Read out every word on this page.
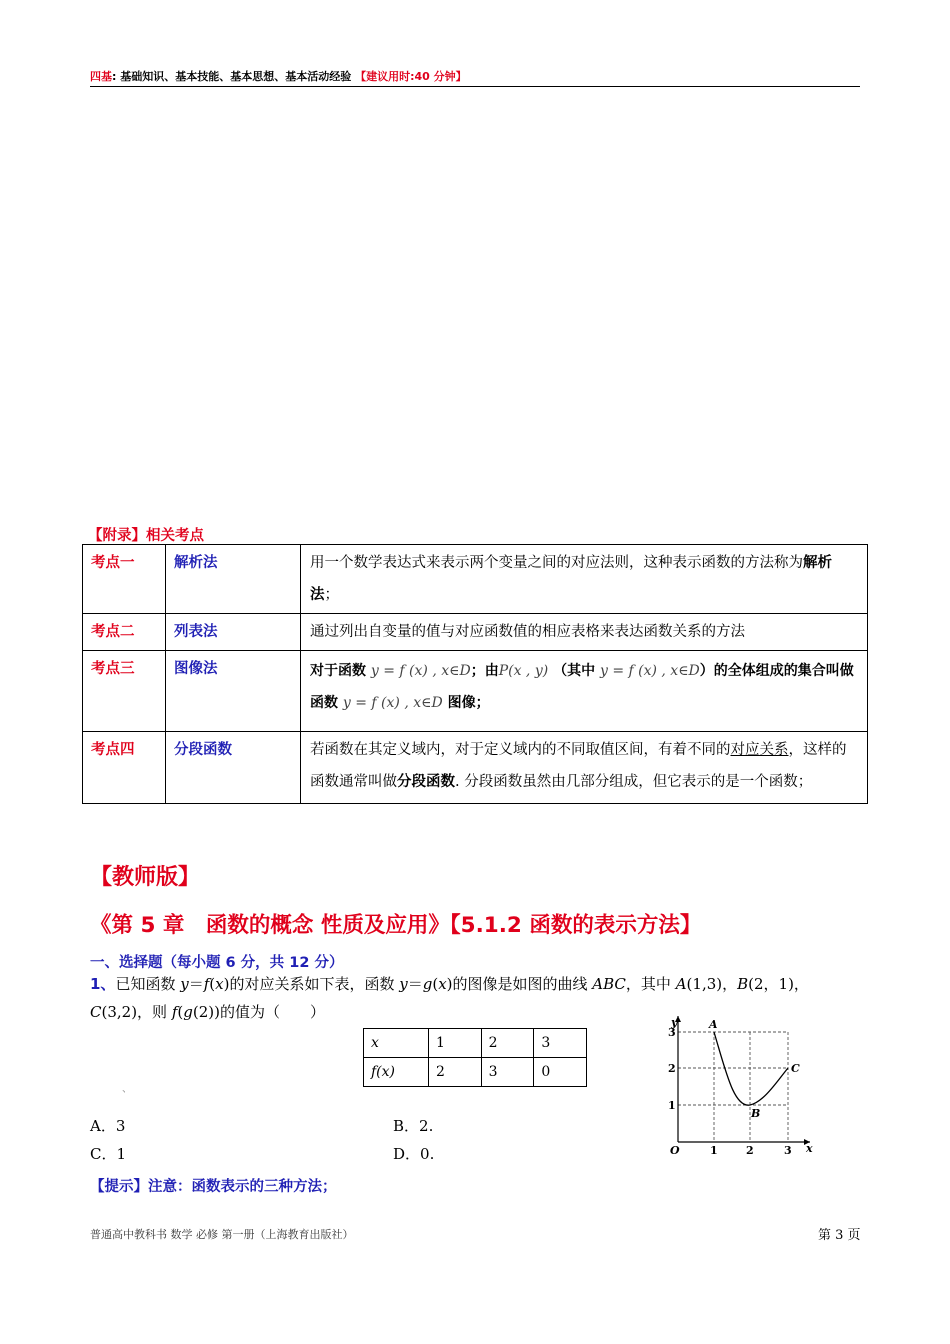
四基: 基础知识、基本技能、基本思想、基本活动经验 【建议用时:40 分钟】
【附录】相关考点
考点一	解析法	用一个数学表达式来表示两个变量之间的对应法则，这种表示函数的方法称为解析法；
考点二	列表法	通过列出自变量的值与对应函数值的相应表格来表达函数关系的方法
考点三	图像法	对于函数 y = f (x) , x∈D；由P(x , y) （其中 y = f (x) , x∈D）的全体组成的集合叫做函数 y = f (x) , x∈D 图像；
考点四	分段函数	若函数在其定义域内，对于定义域内的不同取值区间，有着不同的对应关系，这样的函数通常叫做分段函数. 分段函数虽然由几部分组成，但它表示的是一个函数；
【教师版】
《第 5 章　函数的概念 性质及应用》【5.1.2 函数的表示方法】
一、选择题（每小题 6 分，共 12 分）
1、已知函数 y＝f(x)的对应关系如下表，函数 y＝g(x)的图像是如图的曲线 ABC，其中 A(1,3)，B(2，1)，
C(3,2)，则 f(g(2))的值为（　　）
x	1	2	3
f(x)	2	3	0
、
A．3	B．2.
C．1	D．0.
【提示】注意：函数表示的三种方法；
y
x
O
A
B
C
1	2	3
1
2
3
普通高中教科书 数学 必修 第一册（上海教育出版社）	第 3 页
